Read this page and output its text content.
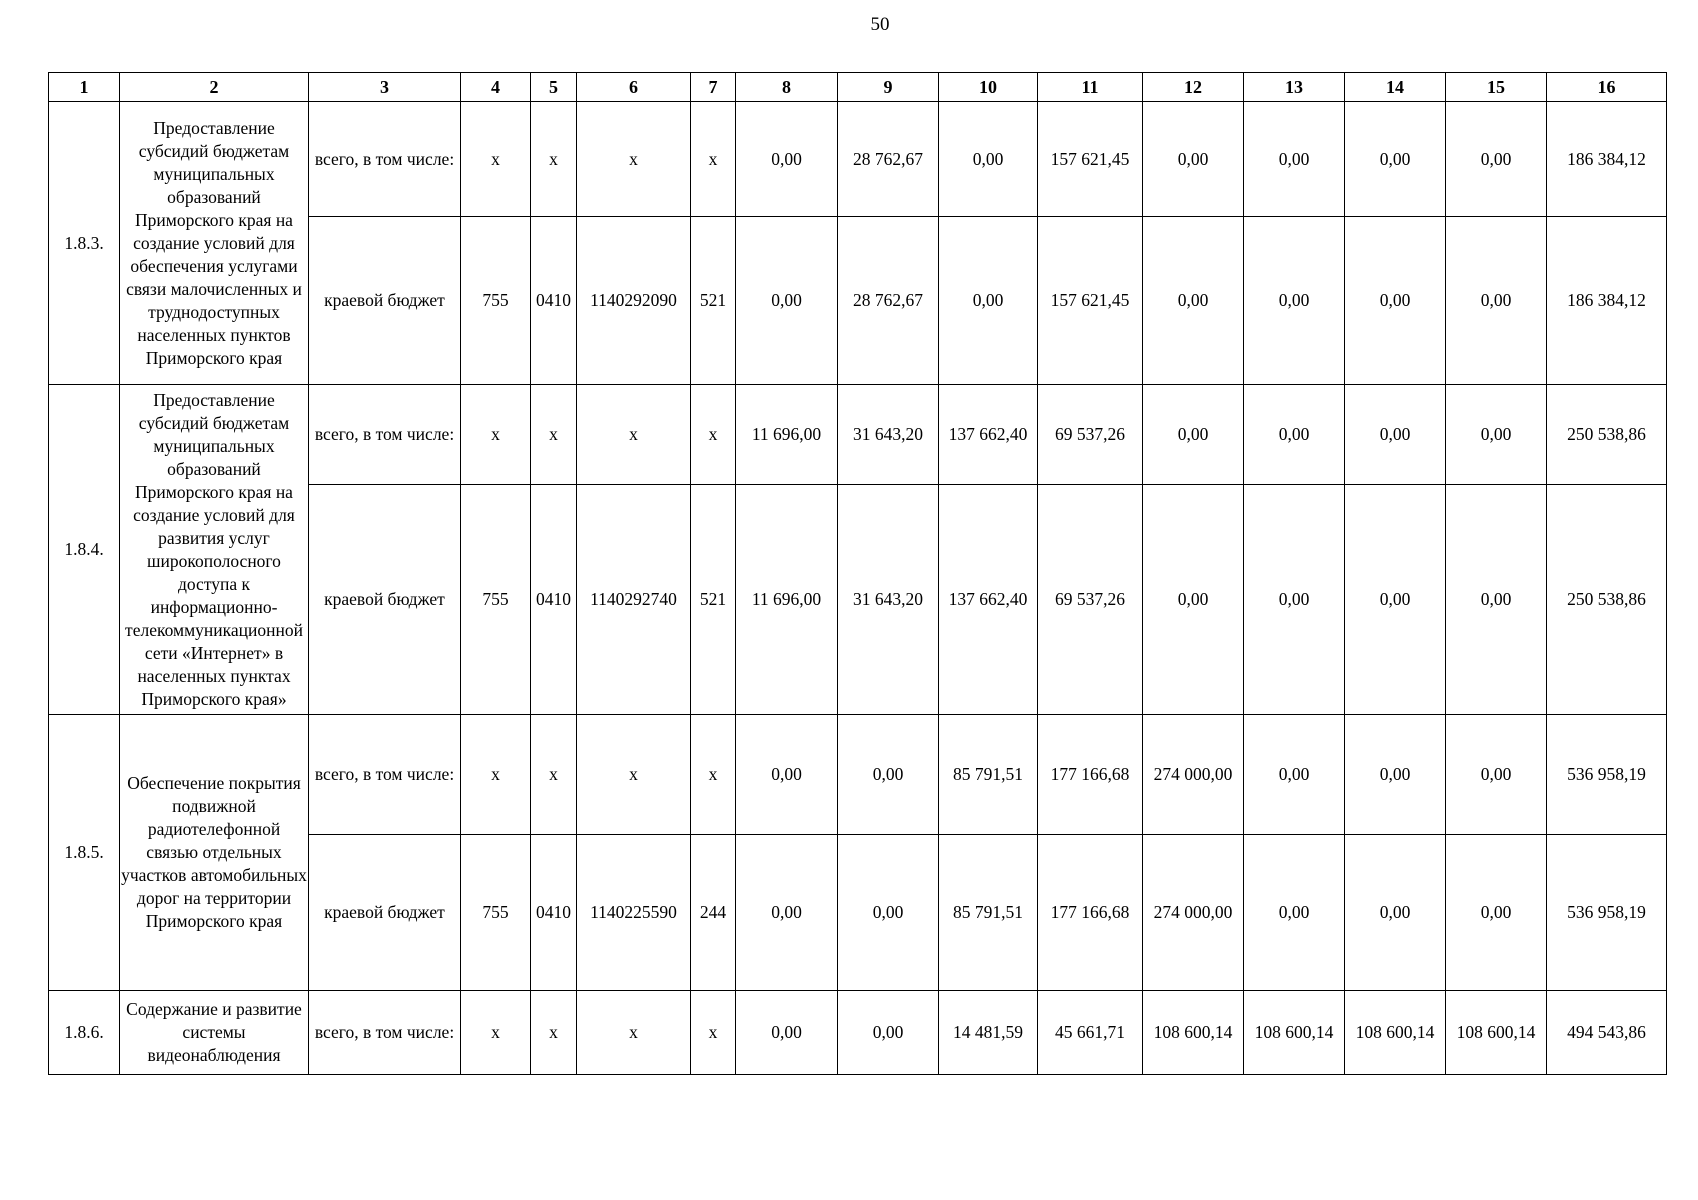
50
1	2	3	4	5	6	7	8	9	10	11	12	13	14	15	16
1.8.3.	Предоставление субсидий бюджетам муниципальных образований Приморского края на создание условий для обеспечения услугами связи малочисленных и труднодоступных населенных пунктов Приморского края	всего, в том числе:	x	x	x	x	0,00	28 762,67	0,00	157 621,45	0,00	0,00	0,00	0,00	186 384,12
		краевой бюджет	755	0410	1140292090	521	0,00	28 762,67	0,00	157 621,45	0,00	0,00	0,00	0,00	186 384,12
1.8.4.	Предоставление субсидий бюджетам муниципальных образований Приморского края на создание условий для развития услуг широкополосного доступа к информационно-телекоммуникационной сети «Интернет» в населенных пунктах Приморского края»	всего, в том числе:	x	x	x	x	11 696,00	31 643,20	137 662,40	69 537,26	0,00	0,00	0,00	0,00	250 538,86
		краевой бюджет	755	0410	1140292740	521	11 696,00	31 643,20	137 662,40	69 537,26	0,00	0,00	0,00	0,00	250 538,86
1.8.5.	Обеспечение покрытия подвижной радиотелефонной связью отдельных участков автомобильных дорог на территории Приморского края	всего, в том числе:	x	x	x	x	0,00	0,00	85 791,51	177 166,68	274 000,00	0,00	0,00	0,00	536 958,19
		краевой бюджет	755	0410	1140225590	244	0,00	0,00	85 791,51	177 166,68	274 000,00	0,00	0,00	0,00	536 958,19
1.8.6.	Содержание и развитие системы видеонаблюдения	всего, в том числе:	x	x	x	x	0,00	0,00	14 481,59	45 661,71	108 600,14	108 600,14	108 600,14	108 600,14	494 543,86
